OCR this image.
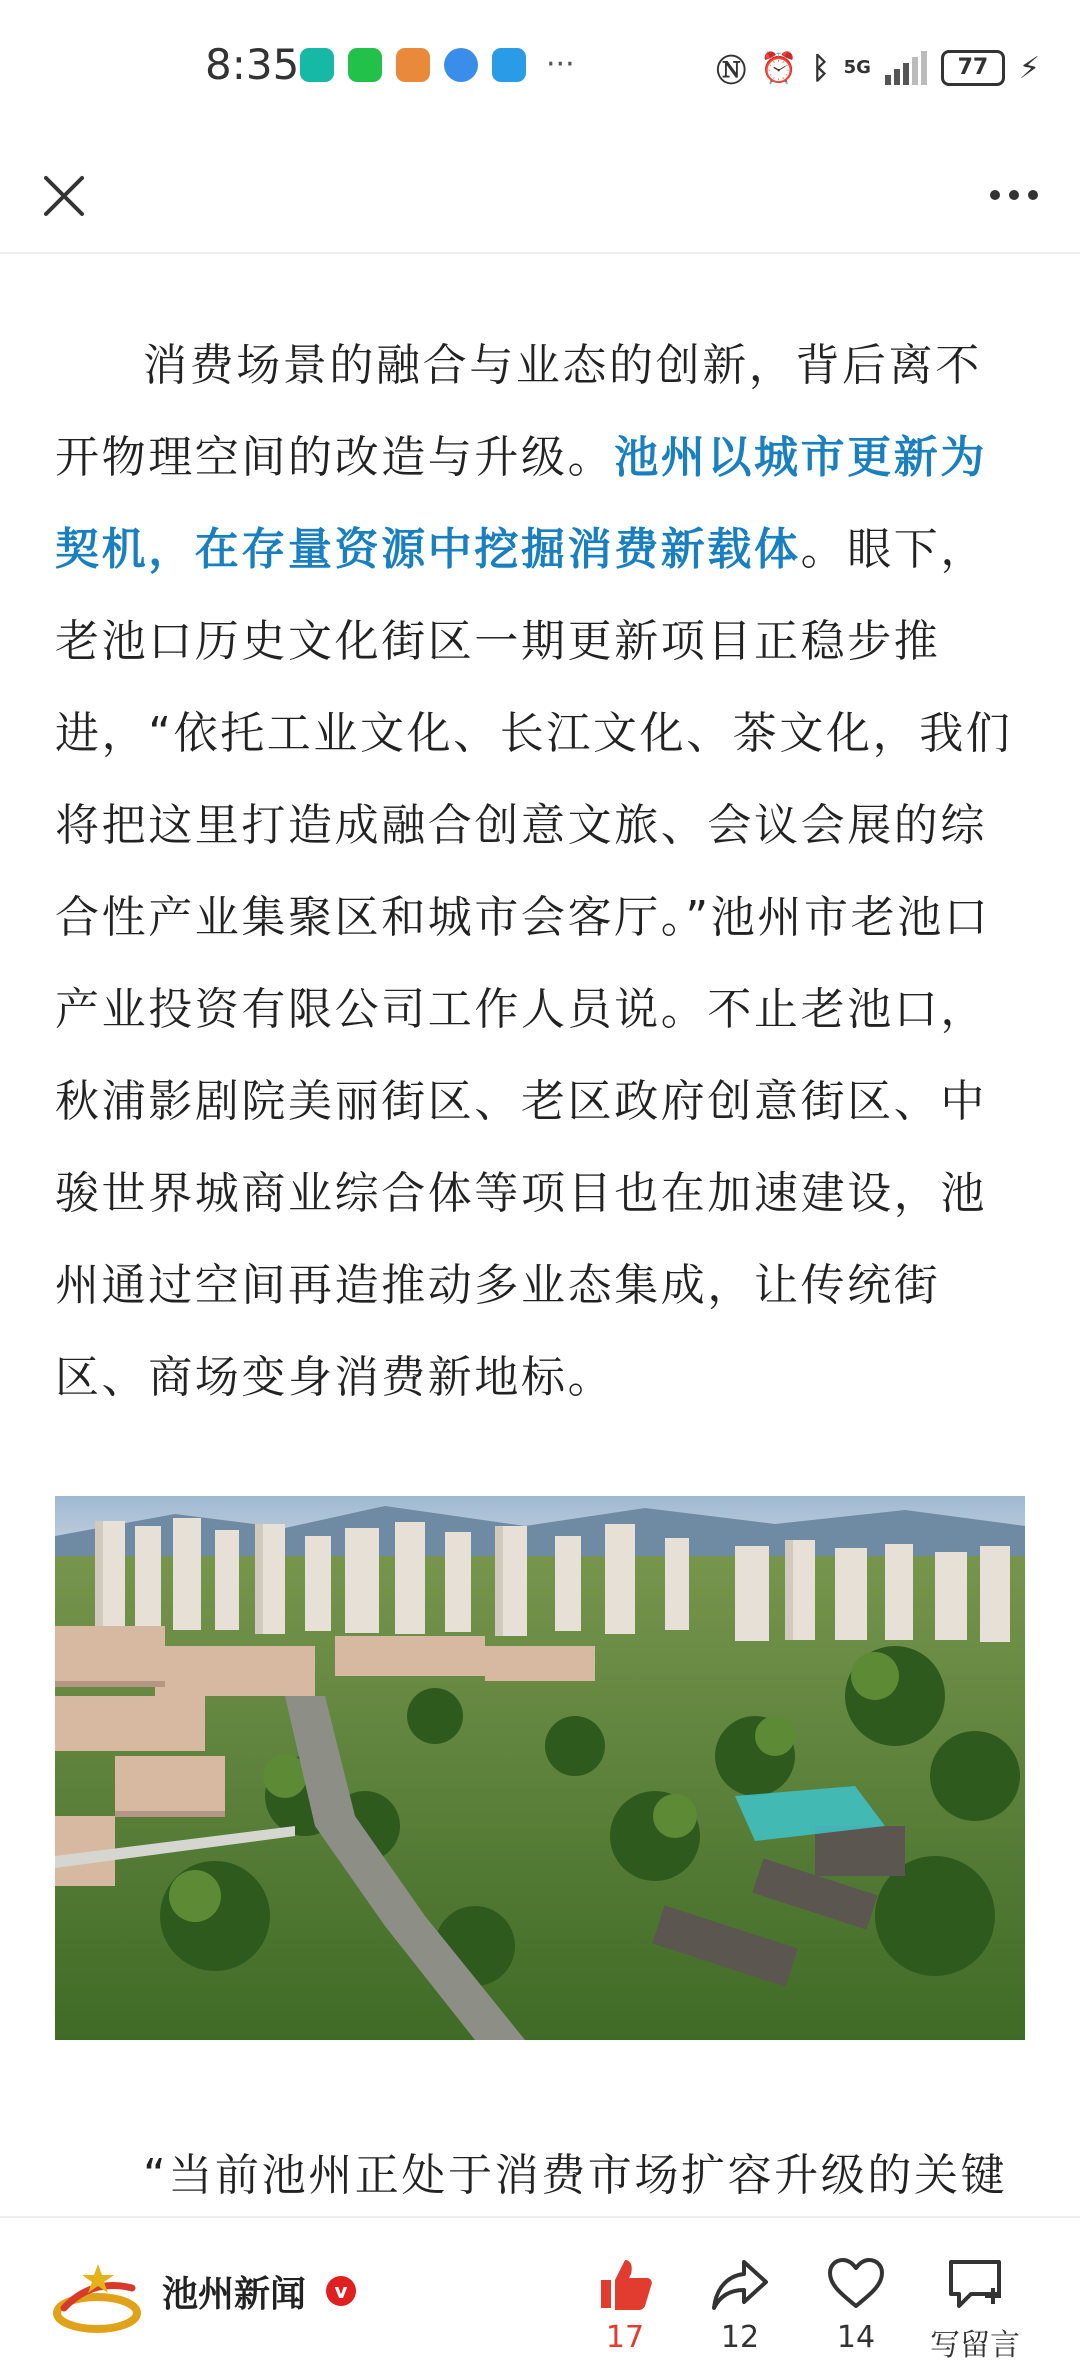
8:35	···	Ⓝ ⏰ ᛒ 5G	77	⚡

消费场景的融合与业态的创新，背后离不开物理空间的改造与升级。池州以城市更新为契机，在存量资源中挖掘消费新载体。眼下，老池口历史文化街区一期更新项目正稳步推进，“依托工业文化、长江文化、茶文化，我们将把这里打造成融合创意文旅、会议会展的综合性产业集聚区和城市会客厅。”池州市老池口产业投资有限公司工作人员说。不止老池口，秋浦影剧院美丽街区、老区政府创意街区、中骏世界城商业综合体等项目也在加速建设，池州通过空间再造推动多业态集成，让传统街区、商场变身消费新地标。

“当前池州正处于消费市场扩容升级的关键
池州新闻	v
17	12	14	写留言
